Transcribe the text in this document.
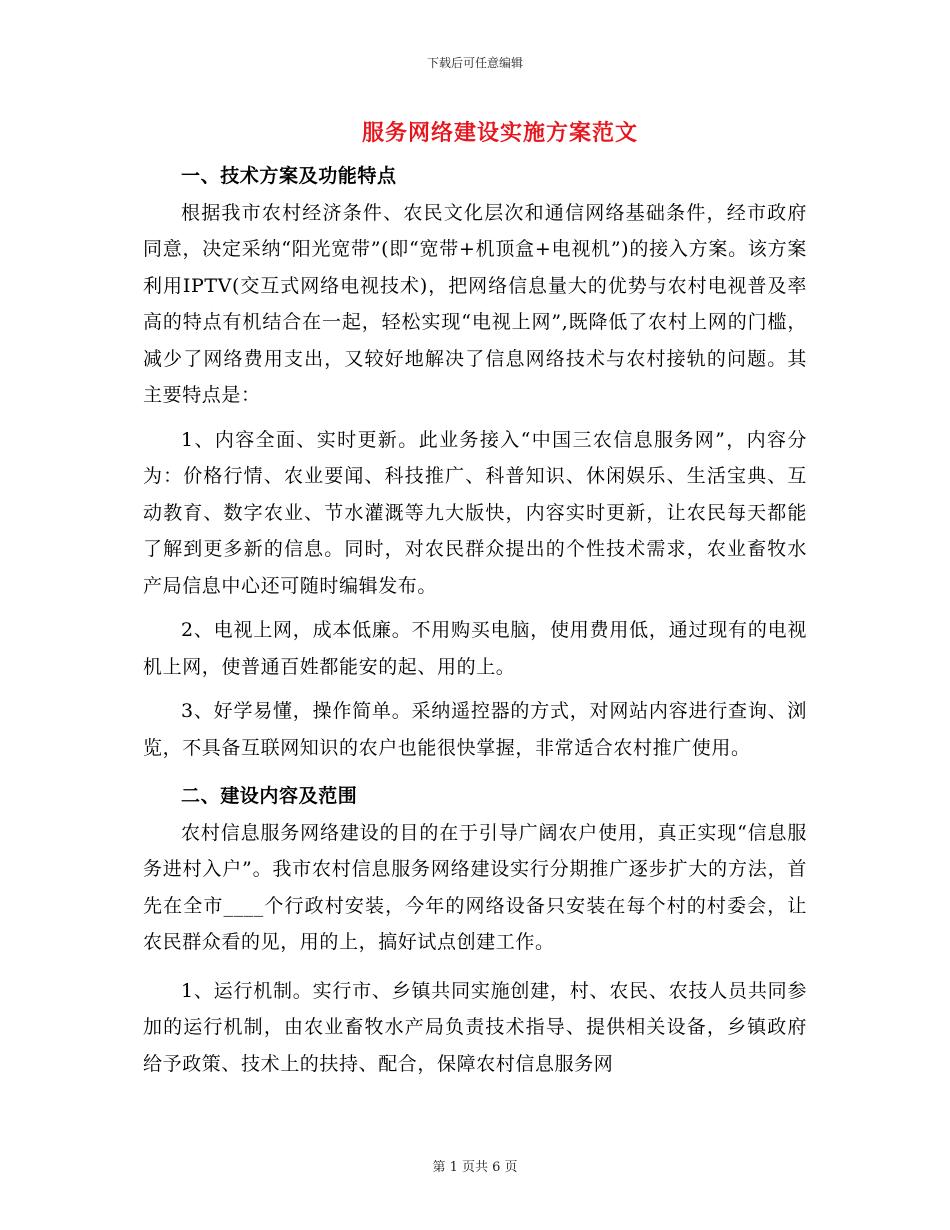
下载后可任意编辑
服务网络建设实施方案范文

一、技术方案及功能特点

根据我市农村经济条件、农民文化层次和通信网络基础条件，经市政府同意，决定采纳“阳光宽带”(即“宽带+机顶盒+电视机”)的接入方案。该方案利用IPTV(交互式网络电视技术)，把网络信息量大的优势与农村电视普及率高的特点有机结合在一起，轻松实现“电视上网”,既降低了农村上网的门槛，减少了网络费用支出，又较好地解决了信息网络技术与农村接轨的问题。其主要特点是：

1、内容全面、实时更新。此业务接入“中国三农信息服务网”，内容分为：价格行情、农业要闻、科技推广、科普知识、休闲娱乐、生活宝典、互动教育、数字农业、节水灌溉等九大版快，内容实时更新，让农民每天都能了解到更多新的信息。同时，对农民群众提出的个性技术需求，农业畜牧水产局信息中心还可随时编辑发布。

2、电视上网，成本低廉。不用购买电脑，使用费用低，通过现有的电视机上网，使普通百姓都能安的起、用的上。

3、好学易懂，操作简单。采纳遥控器的方式，对网站内容进行查询、浏览，不具备互联网知识的农户也能很快掌握，非常适合农村推广使用。

二、建设内容及范围

农村信息服务网络建设的目的在于引导广阔农户使用，真正实现“信息服务进村入户”。我市农村信息服务网络建设实行分期推广逐步扩大的方法，首先在全市____个行政村安装，今年的网络设备只安装在每个村的村委会，让农民群众看的见，用的上，搞好试点创建工作。

1、运行机制。实行市、乡镇共同实施创建，村、农民、农技人员共同参加的运行机制，由农业畜牧水产局负责技术指导、提供相关设备，乡镇政府给予政策、技术上的扶持、配合，保障农村信息服务网

第 1 页共 6 页
